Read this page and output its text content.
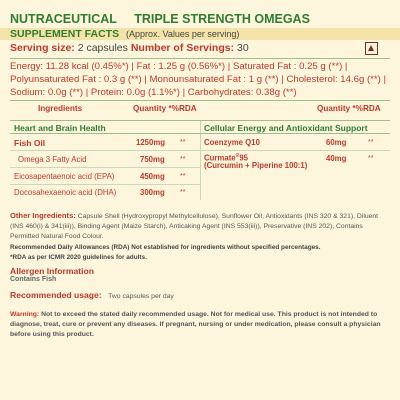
NUTRACEUTICAL TRIPLE STRENGTH OMEGAS
SUPPLEMENT FACTS (Approx. Values per serving)
Serving size: 2 capsules Number of Servings: 30
Energy: 11.28 kcal (0.45%*) | Fat : 1.25 g (0.56%*) | Saturated Fat : 0.25 g (**) |
Polyunsaturated Fat : 0.3 g (**) | Monounsaturated Fat : 1 g (**) | Cholesterol: 14.6g (**) |
Sodium: 0.0g (**) | Protein: 0.0g (1.1%*) | Carbohydrates: 0.38g (**)
Ingredients	Quantity *%RDA	Quantity *%RDA
Heart and Brain Health
Fish Oil	1250mg **
Omega 3 Fatty Acid	750mg **
Eicosapentaenoic acid (EPA)	450mg **
Docosahexaenoic acid (DHA)	300mg **
Cellular Energy and Antioxidant Support
Coenzyme Q10	60mg	**
Curmate®95
(Curcumin + Piperine 100:1)
40mg	**
Other Ingredients: Capsule Shell (Hydroxypropyl Methylcellulose), Sunflower Oil, Antioxidants (INS 320 & 321), Diluent (INS 460(i) & 341(iii)), Binding Agent (Maize Starch), Anticaking Agent (INS 553(iii)), Preservative (INS 202), Contains Permitted Natural Food Colour.
Recommended Daily Allowances (RDA) Not established for ingredients without specified percentages.
*RDA as per ICMR 2020 guidelines for adults.
Allergen Information
Contains Fish
Recommended usage: Two capsules per day
Warning: Not to exceed the stated daily recommended usage. Not for medical use. This product is not intended to diagnose, treat, cure or prevent any diseases. If pregnant, nursing or under medication, please consult a physician before using this product.
